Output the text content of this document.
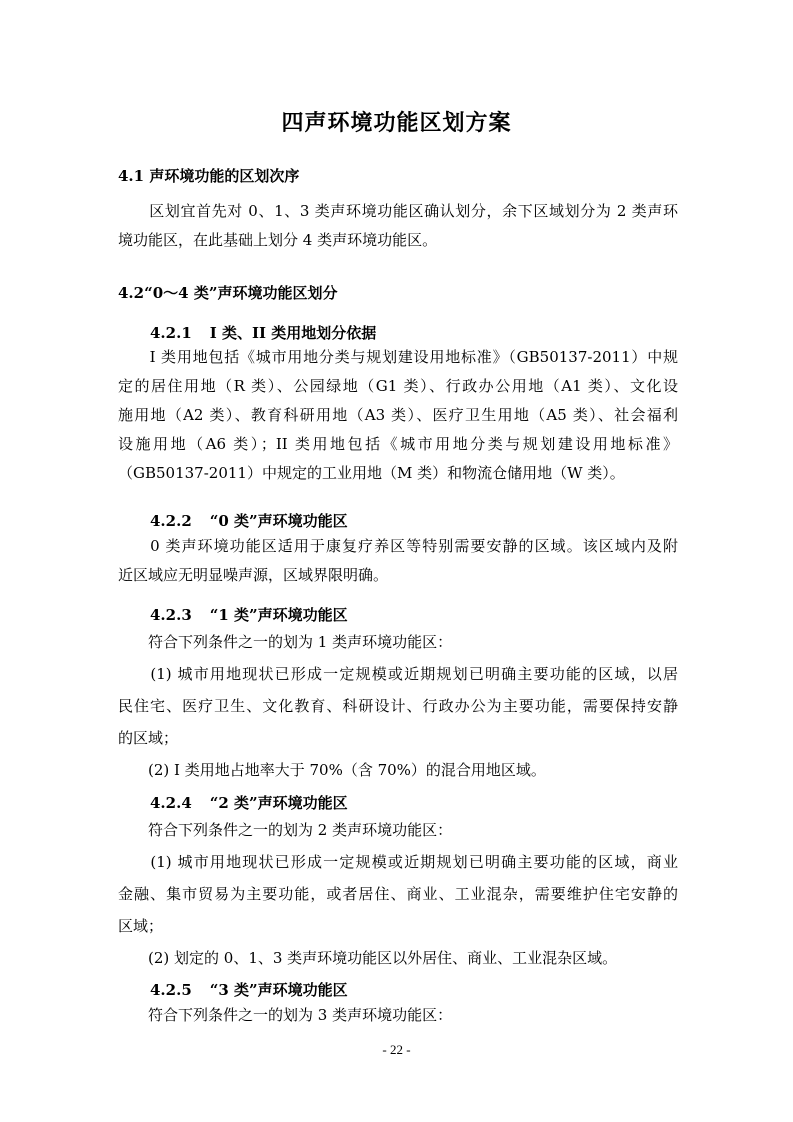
四声环境功能区划方案
4.1 声环境功能的区划次序
　　区划宜首先对 0、1、3 类声环境功能区确认划分，余下区域划分为 2 类声环
境功能区，在此基础上划分 4 类声环境功能区。
4.2“0～4 类”声环境功能区划分
4.2.1 I 类、II 类用地划分依据
　　I 类用地包括《城市用地分类与规划建设用地标准》（GB50137-2011）中规
定的居住用地（R 类）、公园绿地（G1 类）、行政办公用地（A1 类）、文化设
施用地（A2 类）、教育科研用地（A3 类）、医疗卫生用地（A5 类）、社会福利
设施用地（A6 类）；II 类用地包括《城市用地分类与规划建设用地标准》
（GB50137-2011）中规定的工业用地（M 类）和物流仓储用地（W 类）。
4.2.2 “0 类”声环境功能区
　　0 类声环境功能区适用于康复疗养区等特别需要安静的区域。该区域内及附
近区域应无明显噪声源，区域界限明确。
4.2.3 “1 类”声环境功能区
　　符合下列条件之一的划为 1 类声环境功能区：
　　(1) 城市用地现状已形成一定规模或近期规划已明确主要功能的区域，以居
民住宅、医疗卫生、文化教育、科研设计、行政办公为主要功能，需要保持安静
的区域；
　　(2) I 类用地占地率大于 70%（含 70%）的混合用地区域。
4.2.4 “2 类”声环境功能区
　　符合下列条件之一的划为 2 类声环境功能区：
　　(1) 城市用地现状已形成一定规模或近期规划已明确主要功能的区域，商业
金融、集市贸易为主要功能，或者居住、商业、工业混杂，需要维护住宅安静的
区域；
　　(2) 划定的 0、1、3 类声环境功能区以外居住、商业、工业混杂区域。
4.2.5 “3 类”声环境功能区
　　符合下列条件之一的划为 3 类声环境功能区：
- 22 -
